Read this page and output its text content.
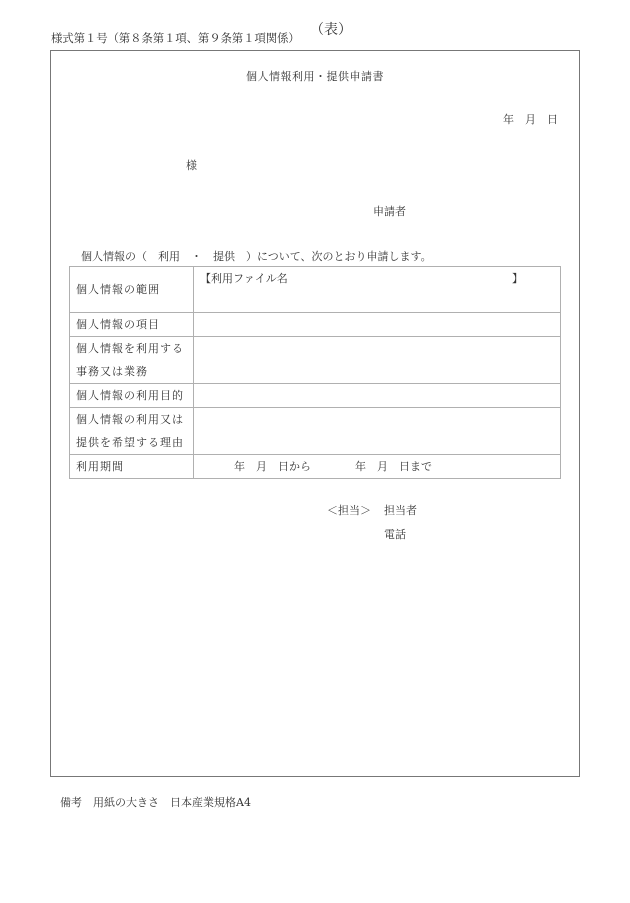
様式第１号（第８条第１項、第９条第１項関係） （表）
個人情報利用・提供申請書
年　月　日
様
申請者
個人情報の（　利用　・　提供　）について、次のとおり申請します。
個人情報の範囲	【利用ファイル名 】

個人情報の項目	

個人情報を利用する
事務又は業務	

個人情報の利用目的	

個人情報の利用又は
提供を希望する理由	

利用期間	年　月　日から　　　　年　月　日まで
＜担当＞ 担当者
電話
備考　用紙の大きさ　日本産業規格A4
